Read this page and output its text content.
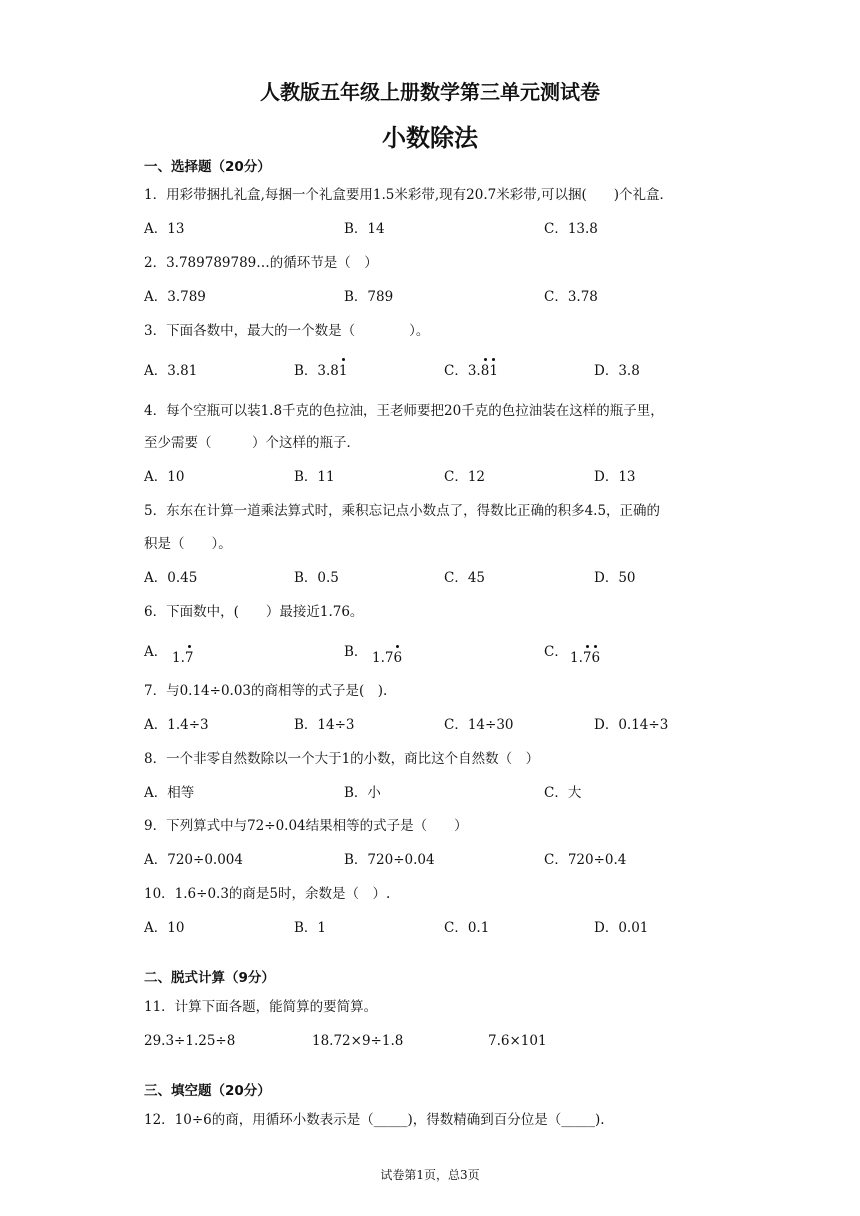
人教版五年级上册数学第三单元测试卷
小数除法
一、选择题（20分）
1．用彩带捆扎礼盒,每捆一个礼盒要用1.5米彩带,现有20.7米彩带,可以捆(　　)个礼盒．
A．13	B．14	C．13.8
2．3.789789789…的循环节是（　）
A．3.789	B．789	C．3.78
3．下面各数中，最大的一个数是（　　　　）。
A．3.81	B．3.81	C．3.81	D．3.8
4．每个空瓶可以装1.8千克的色拉油，王老师要把20千克的色拉油装在这样的瓶子里，
至少需要（　　　）个这样的瓶子．
A．10	B．11	C．12	D．13
5．东东在计算一道乘法算式时，乘积忘记点小数点了，得数比正确的积多4.5，正确的
积是（　　）。
A．0.45	B．0.5	C．45	D．50
6．下面数中，(　　）最接近1.76。
A． 1.7	B． 1.76	C． 1.76
7．与0.14÷0.03的商相等的式子是(　).
A．1.4÷3	B．14÷3	C．14÷30	D．0.14÷3
8．一个非零自然数除以一个大于1的小数，商比这个自然数（　）
A．相等	B．小	C．大
9．下列算式中与72÷0.04结果相等的式子是（　　）
A．720÷0.004	B．720÷0.04	C．720÷0.4
10．1.6÷0.3的商是5时，余数是（　）.
A．10	B．1	C．0.1	D．0.01
二、脱式计算（9分）
11．计算下面各题，能简算的要简算。
29.3÷1.25÷8	18.72×9÷1.8	7.6×101
三、填空题（20分）
12．10÷6的商，用循环小数表示是（_____)，得数精确到百分位是（_____).
试卷第1页，总3页
